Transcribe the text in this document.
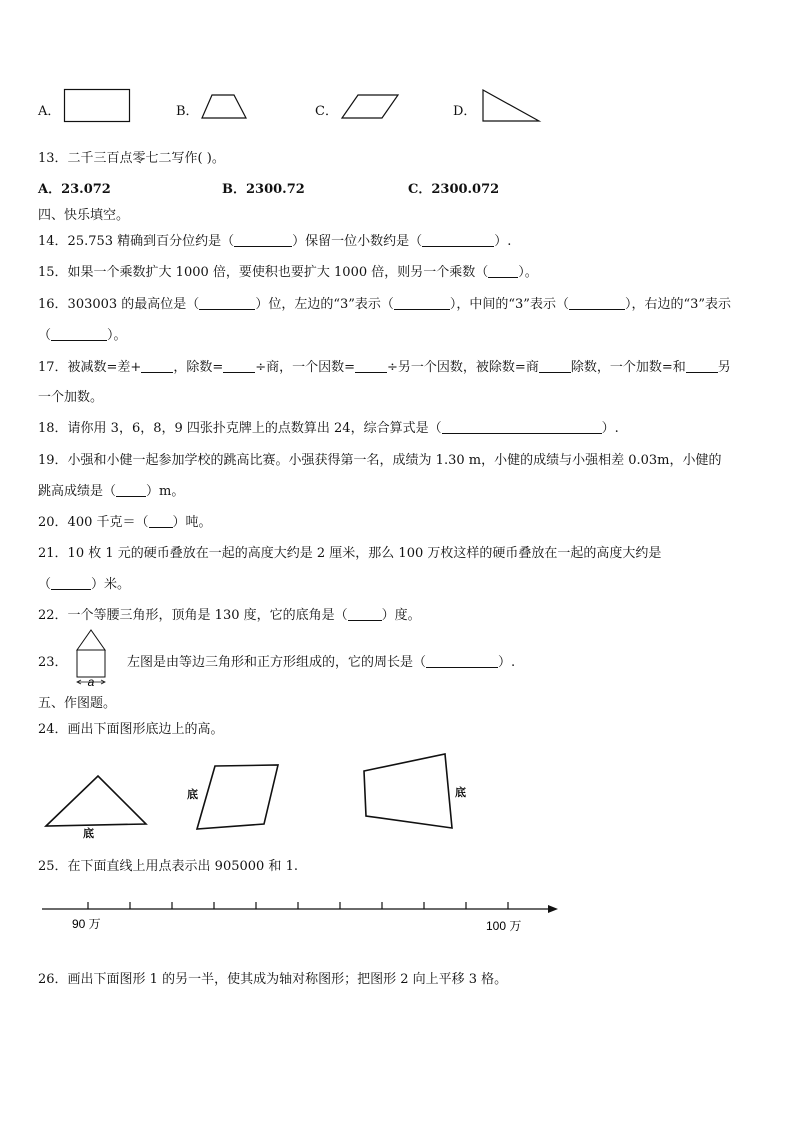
A．	B．	C．	D．
13．二千三百点零七二写作( )。
A．23.072	B．2300.72	C．2300.072
四、快乐填空。
14．25.753 精确到百分位约是（	）保留一位小数约是（	）.
15．如果一个乘数扩大 1000 倍，要使积也要扩大 1000 倍，则另一个乘数（ ）。
16．303003 的最高位是（	）位，左边的“3”表示（	），中间的“3”表示（	），右边的“3”表示
（	）。
17．被减数=差+ ，除数= ÷商，一个因数= ÷另一个因数，被除数=商 除数，一个加数=和 另
一个加数。
18．请你用 3，6，8，9 四张扑克牌上的点数算出 24，综合算式是（	）.
19．小强和小健一起参加学校的跳高比赛。小强获得第一名，成绩为 1.30 m，小健的成绩与小强相差 0.03m，小健的
跳高成绩是（ ）m。
20．400 千克＝（ ）吨。
21．10 枚 1 元的硬币叠放在一起的高度大约是 2 厘米，那么 100 万枚这样的硬币叠放在一起的高度大约是
（	）米。
22．一个等腰三角形，顶角是 130 度，它的底角是（	）度。
23．
a
左图是由等边三角形和正方形组成的，它的周长是（	）.
五、作图题。
24．画出下面图形底边上的高。
底
底	底
25．在下面直线上用点表示出 905000 和 1.
90 万	100 万
26．画出下面图形 1 的另一半，使其成为轴对称图形；把图形 2 向上平移 3 格。
